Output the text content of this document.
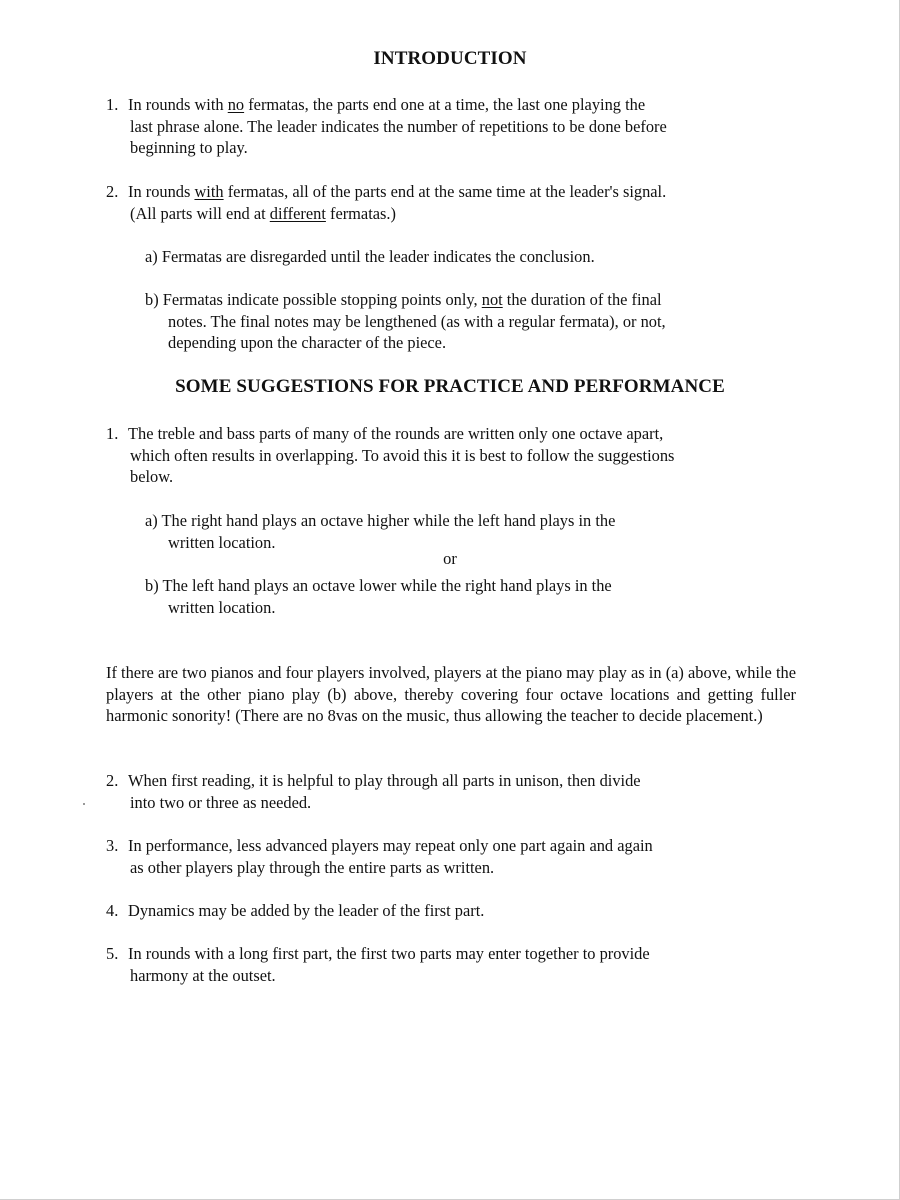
INTRODUCTION
1. In rounds with no fermatas, the parts end one at a time, the last one playing the
last phrase alone. The leader indicates the number of repetitions to be done before
beginning to play.
2. In rounds with fermatas, all of the parts end at the same time at the leader's signal.
(All parts will end at different fermatas.)
a) Fermatas are disregarded until the leader indicates the conclusion.
b) Fermatas indicate possible stopping points only, not the duration of the final
notes. The final notes may be lengthened (as with a regular fermata), or not,
depending upon the character of the piece.
SOME SUGGESTIONS FOR PRACTICE AND PERFORMANCE
1. The treble and bass parts of many of the rounds are written only one octave apart,
which often results in overlapping. To avoid this it is best to follow the suggestions
below.
a) The right hand plays an octave higher while the left hand plays in the
written location.
or
b) The left hand plays an octave lower while the right hand plays in the
written location.
If there are two pianos and four players involved, players at the piano may play as in (a) above, while the players at the other piano play (b) above, thereby covering four octave locations and getting fuller harmonic sonority! (There are no 8vas on the music, thus allowing the teacher to decide placement.)
2. When first reading, it is helpful to play through all parts in unison, then divide
into two or three as needed.
3. In performance, less advanced players may repeat only one part again and again
as other players play through the entire parts as written.
4. Dynamics may be added by the leader of the first part.
5. In rounds with a long first part, the first two parts may enter together to provide
harmony at the outset.
